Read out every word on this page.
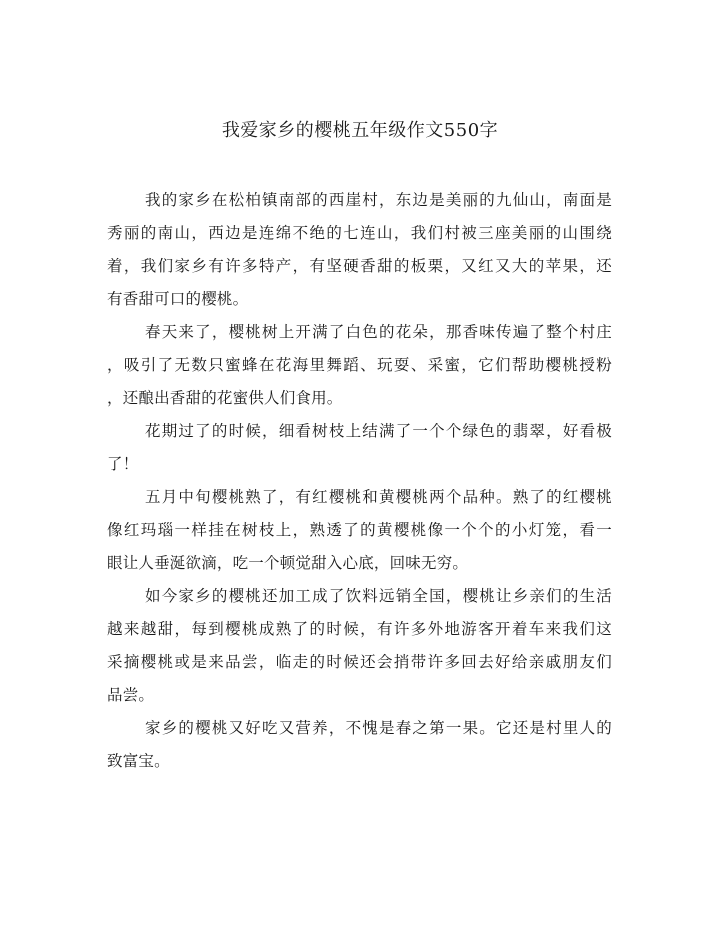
我爱家乡的樱桃五年级作文550字
我的家乡在松柏镇南部的西崖村，东边是美丽的九仙山，南面是
秀丽的南山，西边是连绵不绝的七连山，我们村被三座美丽的山围绕
着，我们家乡有许多特产，有坚硬香甜的板栗，又红又大的苹果，还
有香甜可口的樱桃。
春天来了，樱桃树上开满了白色的花朵，那香味传遍了整个村庄
，吸引了无数只蜜蜂在花海里舞蹈、玩耍、采蜜，它们帮助樱桃授粉
，还酿出香甜的花蜜供人们食用。
花期过了的时候，细看树枝上结满了一个个绿色的翡翠，好看极
了！
五月中旬樱桃熟了，有红樱桃和黄樱桃两个品种。熟了的红樱桃
像红玛瑙一样挂在树枝上，熟透了的黄樱桃像一个个的小灯笼，看一
眼让人垂涎欲滴，吃一个顿觉甜入心底，回味无穷。
如今家乡的樱桃还加工成了饮料远销全国，樱桃让乡亲们的生活
越来越甜，每到樱桃成熟了的时候，有许多外地游客开着车来我们这
采摘樱桃或是来品尝，临走的时候还会捎带许多回去好给亲戚朋友们
品尝。
家乡的樱桃又好吃又营养，不愧是春之第一果。它还是村里人的
致富宝。
